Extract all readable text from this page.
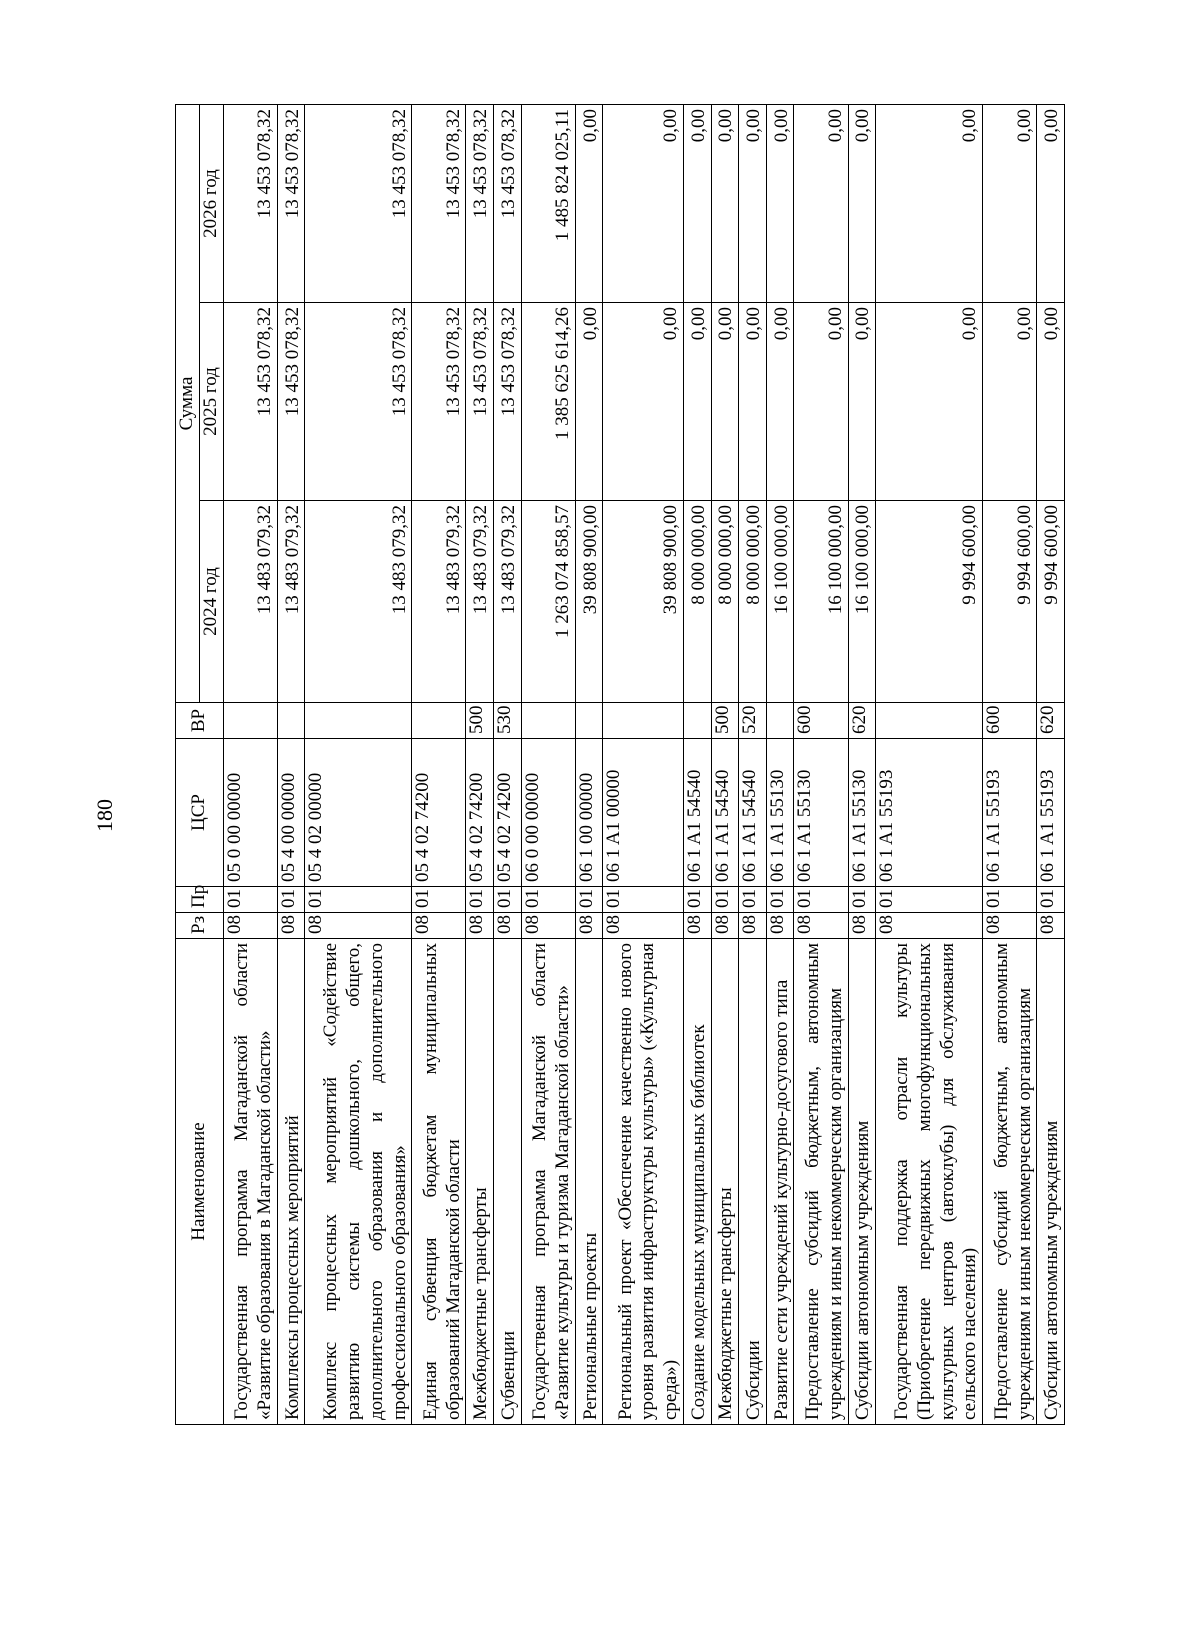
180
Наименование	Рз	Пр	ЦСР	ВР	Сумма		
					2024 год	2025 год	2026 год
Государственная программа Магаданской области «Развитие образования в Магаданской области»	08	01	05 0 00 00000		13 483 079,32	13 453 078,32	13 453 078,32
Комплексы процессных мероприятий	08	01	05 4 00 00000		13 483 079,32	13 453 078,32	13 453 078,32
Комплекс процессных мероприятий «Содействие развитию системы дошкольного, общего, дополнительного образования и дополнительного профессионального образования»	08	01	05 4 02 00000		13 483 079,32	13 453 078,32	13 453 078,32
Единая субвенция бюджетам муниципальных образований Магаданской области	08	01	05 4 02 74200		13 483 079,32	13 453 078,32	13 453 078,32
Межбюджетные трансферты	08	01	05 4 02 74200	500	13 483 079,32	13 453 078,32	13 453 078,32
Субвенции	08	01	05 4 02 74200	530	13 483 079,32	13 453 078,32	13 453 078,32
Государственная программа Магаданской области «Развитие культуры и туризма Магаданской области»	08	01	06 0 00 00000		1 263 074 858,57	1 385 625 614,26	1 485 824 025,11
Региональные проекты	08	01	06 1 00 00000		39 808 900,00	0,00	0,00
Региональный проект «Обеспечение качественно нового уровня развития инфраструктуры культуры» («Культурная среда»)	08	01	06 1 A1 00000		39 808 900,00	0,00	0,00
Создание модельных муниципальных библиотек	08	01	06 1 A1 54540		8 000 000,00	0,00	0,00
Межбюджетные трансферты	08	01	06 1 A1 54540	500	8 000 000,00	0,00	0,00
Субсидии	08	01	06 1 A1 54540	520	8 000 000,00	0,00	0,00
Развитие сети учреждений культурно-досугового типа	08	01	06 1 A1 55130		16 100 000,00	0,00	0,00
Предоставление субсидий бюджетным, автономным учреждениям и иным некоммерческим организациям	08	01	06 1 A1 55130	600	16 100 000,00	0,00	0,00
Субсидии автономным учреждениям	08	01	06 1 A1 55130	620	16 100 000,00	0,00	0,00
Государственная поддержка отрасли культуры (Приобретение передвижных многофункциональных культурных центров (автоклубы) для обслуживания сельского населения)	08	01	06 1 A1 55193		9 994 600,00	0,00	0,00
Предоставление субсидий бюджетным, автономным учреждениям и иным некоммерческим организациям	08	01	06 1 A1 55193	600	9 994 600,00	0,00	0,00
Субсидии автономным учреждениям	08	01	06 1 A1 55193	620	9 994 600,00	0,00	0,00
